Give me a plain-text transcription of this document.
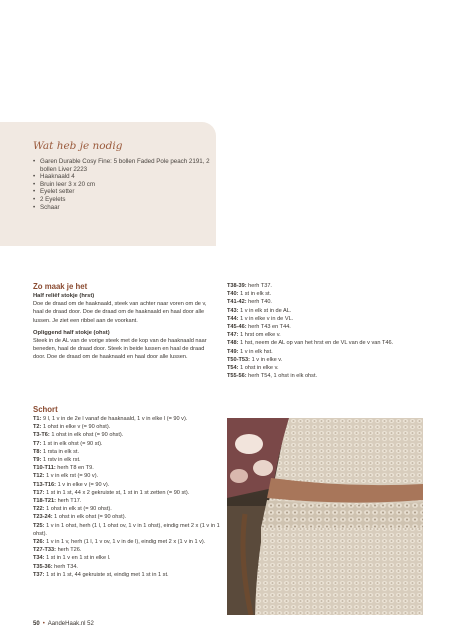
Wat heb je nodig
• Garen Durable Cosy Fine: 5 bollen Faded Pole peach 2191, 2 bollen Liver 2223
• Haaknaald 4
• Bruin leer 3 x 20 cm
• Eyelet setter
• 2 Eyelets
• Schaar

Zo maak je het

Half reliëf stokje (hrst)

Doe de draad om de haaknaald, steek van achter naar voren om de v, haal de draad door. Doe de draad om de haaknaald en haal door alle lussen. Je ziet een ribbel aan de voorkant.

Opliggend half stokje (ohst)

Steek in de AL van de vorige steek met de kop van de haaknaald naar beneden, haal de draad door. Steek in beide lussen en haal de draad door. Doe de draad om de haaknaald en haal door alle lussen.

Schort

T1: 9 l, 1 v in de 2e l vanaf de haaknaald, 1 v in elke l (= 90 v).

T2: 1 ohst in elke v (= 90 ohst).

T3-T6: 1 ohst in elk ohst (= 90 ohst).

T7: 1 st in elk ohst (= 90 st).

T8: 1 rsta in elk st.

T9: 1 rstv in elk rst.

T10-T11: herh T8 en T9.

T12: 1 v in elk rst (= 90 v).

T13-T16: 1 v in elke v (= 90 v).

T17: 1 st in 1 st, 44 x 2 gekruiste st, 1 st in 1 st zetten (= 90 st).

T18-T21: herh T17.

T22: 1 ohst in elk st (= 90 ohst).

T23-24: 1 ohst in elk ohst (= 90 ohst).

T25: 1 v in 1 ohst, herh (1 l, 1 ohst ov, 1 v in 1 ohst), eindig met 2 x (1 v in 1 ohst).

T26: 1 v in 1 v, herh (1 l, 1 v ov, 1 v in de l), eindig met 2 x (1 v in 1 v).

T27-T33: herh T26.

T34: 1 st in 1 v en 1 st in elke l.

T35-36: herh T34.

T37: 1 st in 1 st, 44 gekruiste st, eindig met 1 st in 1 st.

T38-39: herh T37.

T40: 1 st in elk st.

T41-42: herh T40.

T43: 1 v in elk st in de AL.

T44: 1 v in elke v in de VL.

T45-46: herh T43 en T44.

T47: 1 hrst om elke v.

T48: 1 hst, neem de AL op van het hrst en de VL van de v van T46.

T49: 1 v in elk hst.

T50-T53: 1 v in elke v.

T54: 1 ohst in elke v.

T55-56: herh T54, 1 ohst in elk ohst.

50 • AandeHaak.nl 52
